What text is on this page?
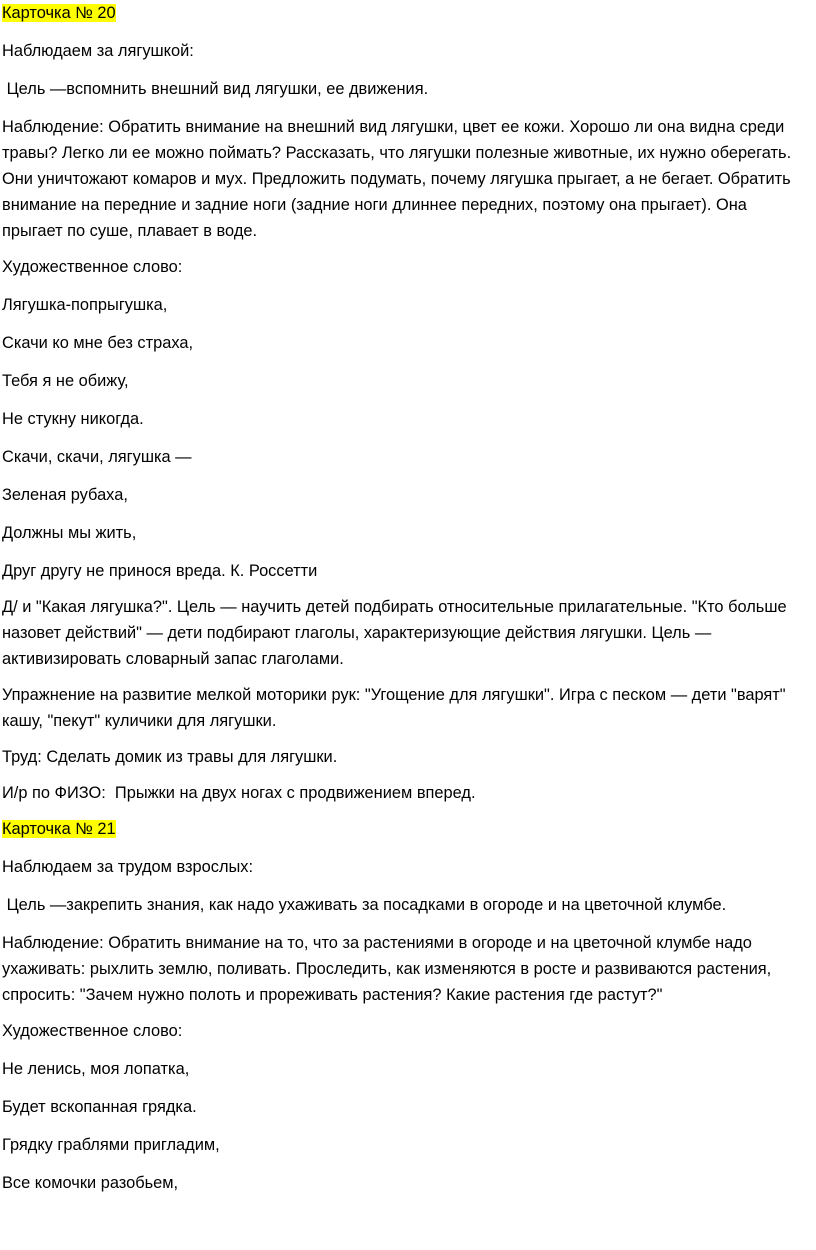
Карточка № 20

Наблюдаем за лягушкой:

Цель —вспомнить внешний вид лягушки, ее движения.

Наблюдение: Обратить внимание на внешний вид лягушки, цвет ее кожи. Хорошо ли она видна среди травы? Легко ли ее можно поймать? Рассказать, что лягушки полезные животные, их нужно оберегать. Они уничтожают комаров и мух. Предложить подумать, почему лягушка прыгает, а не бегает. Обратить внимание на передние и задние ноги (задние ноги длиннее передних, поэтому она прыгает). Она прыгает по суше, плавает в воде.

Художественное слово:

Лягушка-попрыгушка,

Скачи ко мне без страха,

Тебя я не обижу,

Не стукну никогда.

Скачи, скачи, лягушка —

Зеленая рубаха,

Должны мы жить,

Друг другу не принося вреда. К. Россетти

Д/ и "Какая лягушка?". Цель — научить детей подбирать относительные прилагательные. "Кто больше назовет действий" — дети подбирают глаголы, характеризующие действия лягушки. Цель — активизировать словарный запас глаголами.

Упражнение на развитие мелкой моторики рук: "Угощение для лягушки". Игра с песком — дети "варят" кашу, "пекут" куличики для лягушки.

Труд: Сделать домик из травы для лягушки.

И/р по ФИЗО:  Прыжки на двух ногах с продвижением вперед.

Карточка № 21

Наблюдаем за трудом взрослых:

Цель —закрепить знания, как надо ухаживать за посадками в огороде и на цветочной клумбе.

Наблюдение: Обратить внимание на то, что за растениями в огороде и на цветочной клумбе надо ухаживать: рыхлить землю, поливать. Проследить, как изменяются в росте и развиваются растения, спросить: "Зачем нужно полоть и прореживать растения? Какие растения где растут?"

Художественное слово:

Не ленись, моя лопатка,

Будет вскопанная грядка.

Грядку граблями пригладим,

Все комочки разобьем,
